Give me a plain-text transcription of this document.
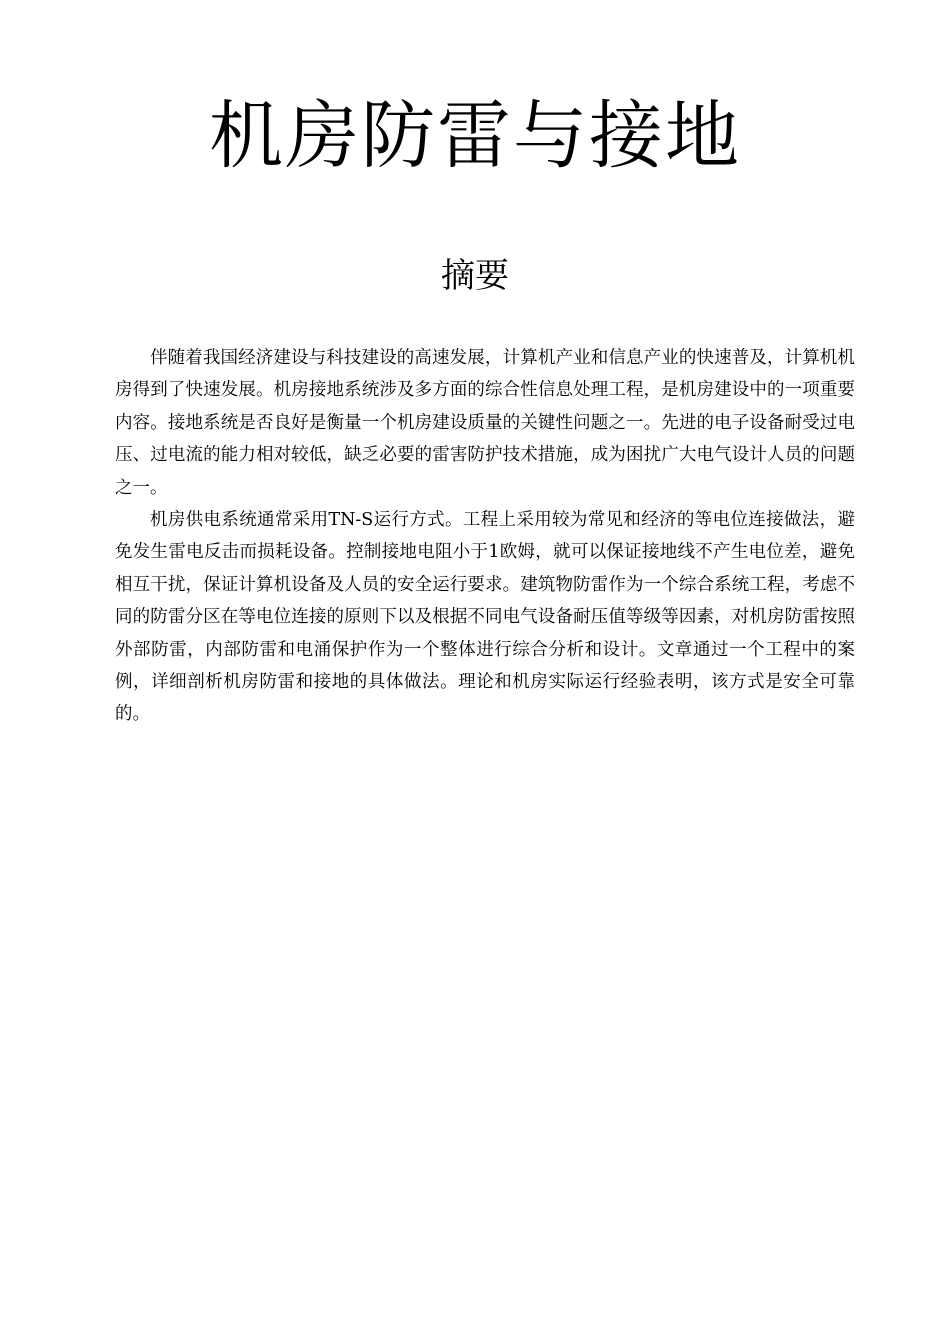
机房防雷与接地
摘要

伴随着我国经济建设与科技建设的高速发展，计算机产业和信息产业的快速普及，计算机机房得到了快速发展。机房接地系统涉及多方面的综合性信息处理工程，是机房建设中的一项重要内容。接地系统是否良好是衡量一个机房建设质量的关键性问题之一。先进的电子设备耐受过电压、过电流的能力相对较低，缺乏必要的雷害防护技术措施，成为困扰广大电气设计人员的问题之一。

机房供电系统通常采用TN-S运行方式。工程上采用较为常见和经济的等电位连接做法，避免发生雷电反击而损耗设备。控制接地电阻小于1欧姆，就可以保证接地线不产生电位差，避免相互干扰，保证计算机设备及人员的安全运行要求。建筑物防雷作为一个综合系统工程，考虑不同的防雷分区在等电位连接的原则下以及根据不同电气设备耐压值等级等因素，对机房防雷按照外部防雷，内部防雷和电涌保护作为一个整体进行综合分析和设计。文章通过一个工程中的案例，详细剖析机房防雷和接地的具体做法。理论和机房实际运行经验表明，该方式是安全可靠的。
